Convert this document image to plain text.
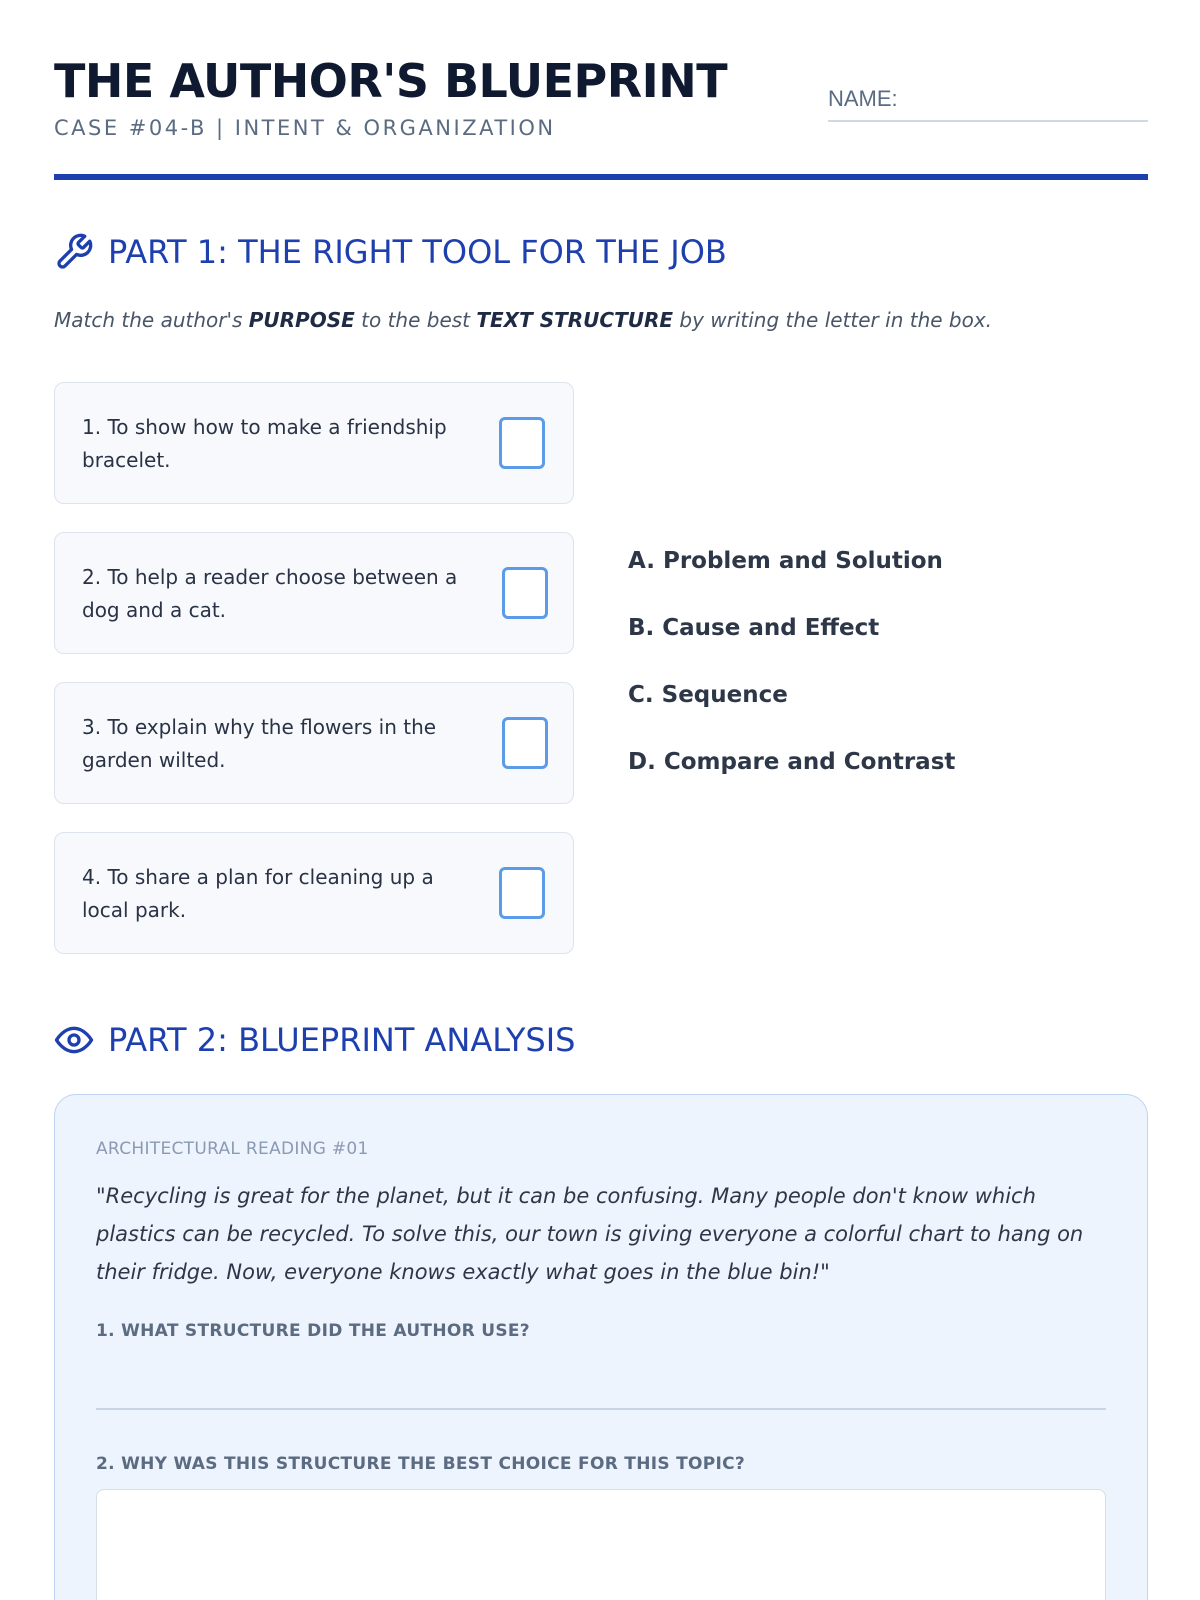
THE AUTHOR'S BLUEPRINT
CASE #04-B | INTENT & ORGANIZATION
NAME:
PART 1: THE RIGHT TOOL FOR THE JOB
Match the author's PURPOSE to the best TEXT STRUCTURE by writing the letter in the box.
1. To show how to make a friendship bracelet.
2. To help a reader choose between a dog and a cat.
3. To explain why the flowers in the garden wilted.
4. To share a plan for cleaning up a local park.
A. Problem and Solution
B. Cause and Effect
C. Sequence
D. Compare and Contrast
PART 2: BLUEPRINT ANALYSIS
ARCHITECTURAL READING #01
"Recycling is great for the planet, but it can be confusing. Many people don't know which plastics can be recycled. To solve this, our town is giving everyone a colorful chart to hang on their fridge. Now, everyone knows exactly what goes in the blue bin!"
1. WHAT STRUCTURE DID THE AUTHOR USE?
2. WHY WAS THIS STRUCTURE THE BEST CHOICE FOR THIS TOPIC?
